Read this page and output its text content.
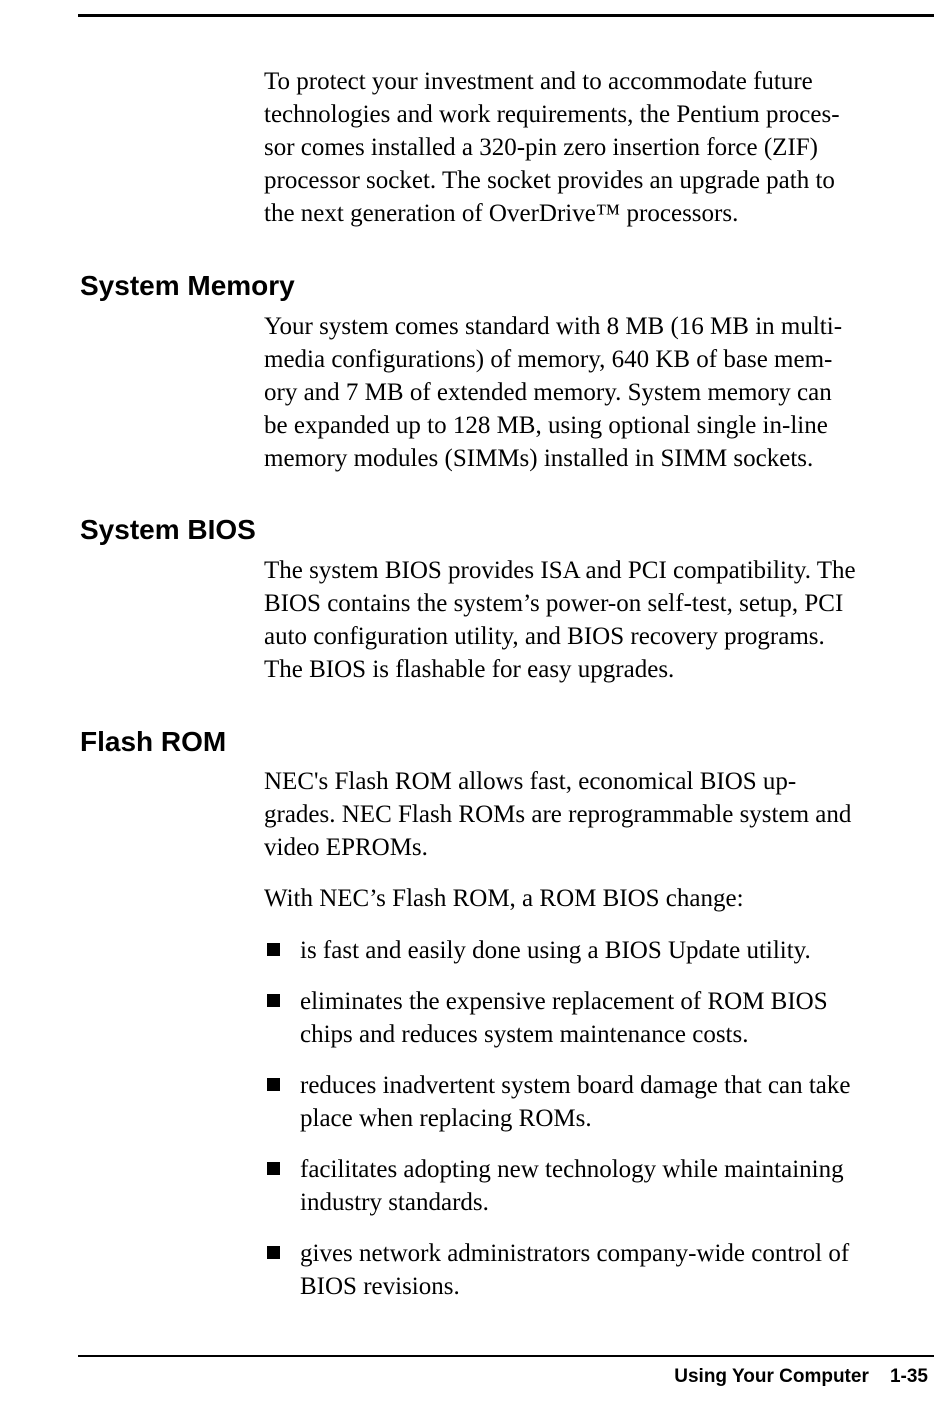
To protect your investment and to accommodate future
technologies and work requirements, the Pentium proces-
sor comes installed a 320-pin zero insertion force (ZIF)
processor socket. The socket provides an upgrade path to
the next generation of OverDrive™ processors.

System Memory

Your system comes standard with 8 MB (16 MB in multi-
media configurations) of memory, 640 KB of base mem-
ory and 7 MB of extended memory. System memory can
be expanded up to 128 MB, using optional single in-line
memory modules (SIMMs) installed in SIMM sockets.

System BIOS

The system BIOS provides ISA and PCI compatibility. The
BIOS contains the system’s power-on self-test, setup, PCI
auto configuration utility, and BIOS recovery programs.
The BIOS is flashable for easy upgrades.

Flash ROM

NEC's Flash ROM allows fast, economical BIOS up-
grades. NEC Flash ROMs are reprogrammable system and
video EPROMs.

With NEC’s Flash ROM, a ROM BIOS change:

is fast and easily done using a BIOS Update utility.

eliminates the expensive replacement of ROM BIOS
chips and reduces system maintenance costs.

reduces inadvertent system board damage that can take
place when replacing ROMs.

facilitates adopting new technology while maintaining
industry standards.

gives network administrators company-wide control of
BIOS revisions.

Using Your Computer 1-35
